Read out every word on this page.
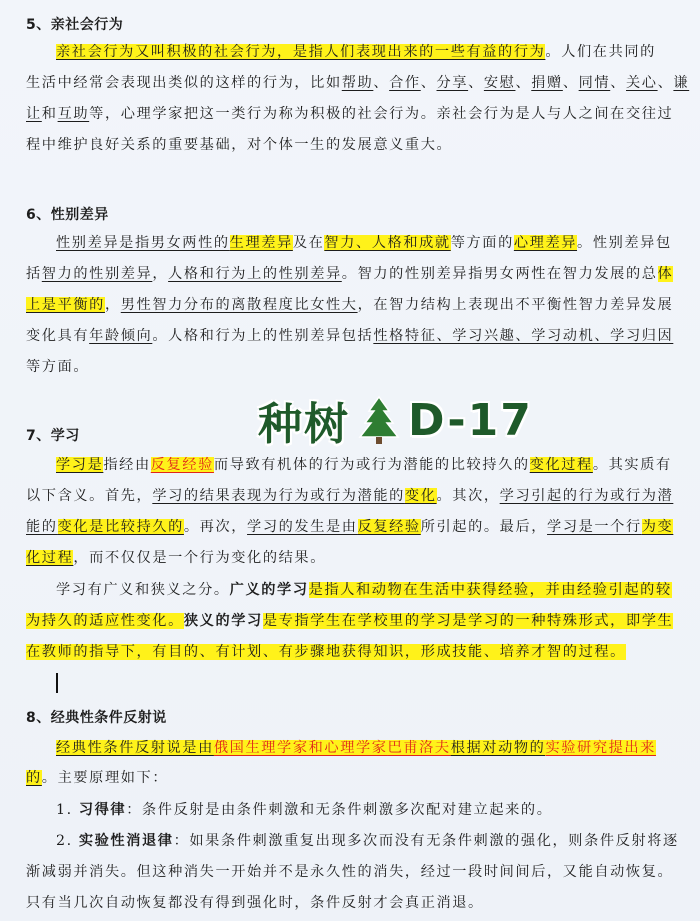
5、亲社会行为
亲社会行为又叫积极的社会行为，是指人们表现出来的一些有益的行为。人们在共同的
生活中经常会表现出类似的这样的行为，比如帮助、合作、分享、安慰、捐赠、同情、关心、谦
让和互助等，心理学家把这一类行为称为积极的社会行为。亲社会行为是人与人之间在交往过
程中维护良好关系的重要基础，对个体一生的发展意义重大。
6、性别差异
性别差异是指男女两性的生理差异及在智力、人格和成就等方面的心理差异。性别差异包
括智力的性别差异，人格和行为上的性别差异。智力的性别差异指男女两性在智力发展的总体
上是平衡的，男性智力分布的离散程度比女性大，在智力结构上表现出不平衡性智力差异发展
变化具有年龄倾向。人格和行为上的性别差异包括性格特征、学习兴趣、学习动机、学习归因
等方面。
种树 D-17
7、学习
学习是指经由反复经验而导致有机体的行为或行为潜能的比较持久的变化过程。其实质有
以下含义。首先，学习的结果表现为行为或行为潜能的变化。其次，学习引起的行为或行为潜
能的变化是比较持久的。再次，学习的发生是由反复经验所引起的。最后，学习是一个行为变
化过程，而不仅仅是一个行为变化的结果。
学习有广义和狭义之分。广义的学习是指人和动物在生活中获得经验，并由经验引起的较
为持久的适应性变化。狭义的学习是专指学生在学校里的学习是学习的一种特殊形式，即学生
在教师的指导下，有目的、有计划、有步骤地获得知识，形成技能、培养才智的过程。
8、经典性条件反射说
经典性条件反射说是由俄国生理学家和心理学家巴甫洛夫根据对动物的实验研究提出来
的。主要原理如下：
1. 习得律：条件反射是由条件刺激和无条件刺激多次配对建立起来的。
2. 实验性消退律：如果条件刺激重复出现多次而没有无条件刺激的强化，则条件反射将逐
渐减弱并消失。但这种消失一开始并不是永久性的消失，经过一段时间间后，又能自动恢复。
只有当几次自动恢复都没有得到强化时，条件反射才会真正消退。
